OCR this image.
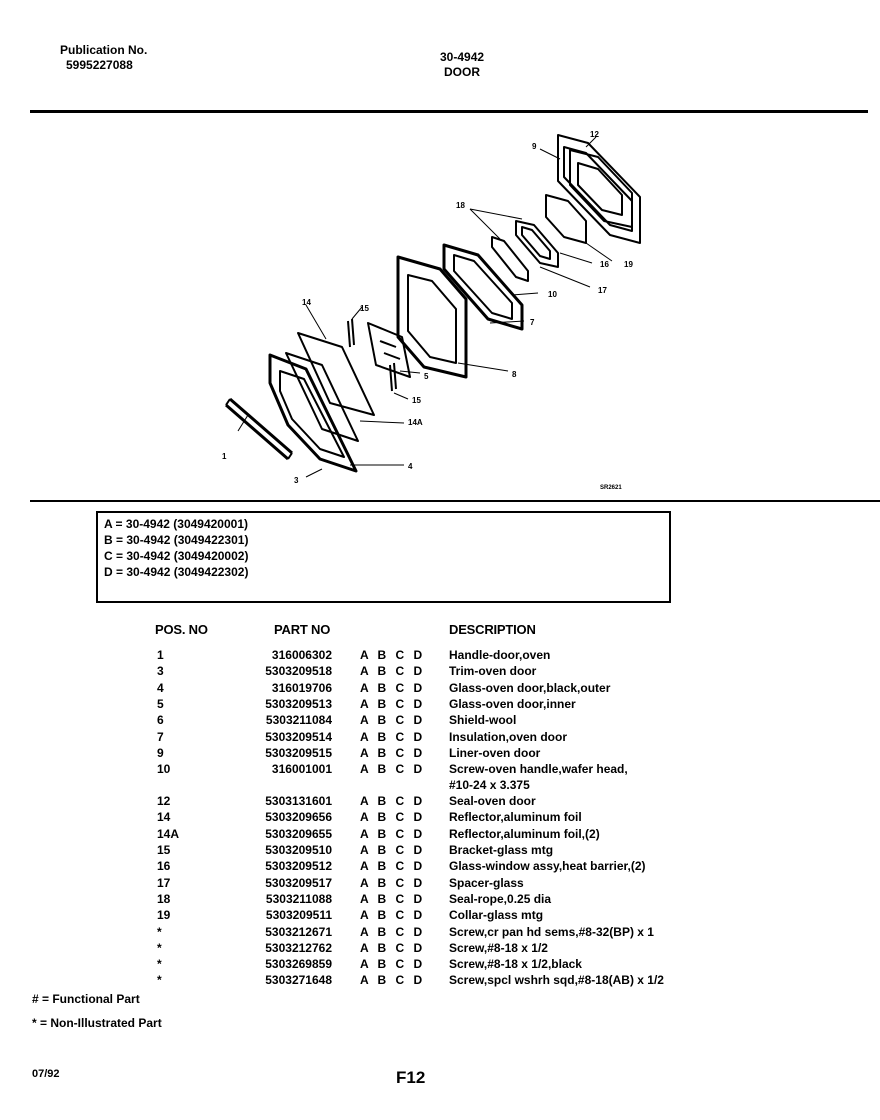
Publication No.
5995227088
30-4942
DOOR
12
9
18
16 19
10	17
7
14
15
5	8
15
14A
1
4
3
SR2621
A = 30-4942 (3049420001)
B = 30-4942 (3049422301)
C = 30-4942 (3049420002)
D = 30-4942 (3049422302)
POS. NO	PART NO	DESCRIPTION
1	316006302 A B C D Handle-door,oven
3	5303209518 A B C D Trim-oven door
4	316019706 A B C D Glass-oven door,black,outer
5	5303209513 A B C D Glass-oven door,inner
6	5303211084 A B C D Shield-wool
7	5303209514 A B C D Insulation,oven door
9	5303209515 A B C D Liner-oven door
10	316001001 A B C D Screw-oven handle,wafer head,
#10-24 x 3.375
12	5303131601 A B C D Seal-oven door
14	5303209656 A B C D Reflector,aluminum foil
14A	5303209655 A B C D Reflector,aluminum foil,(2)
15	5303209510 A B C D Bracket-glass mtg
16	5303209512 A B C D Glass-window assy,heat barrier,(2)
17	5303209517 A B C D Spacer-glass
18	5303211088 A B C D Seal-rope,0.25 dia
19	5303209511 A B C D Collar-glass mtg
*	5303212671 A B C D Screw,cr pan hd sems,#8-32(BP) x 1
*	5303212762 A B C D Screw,#8-18 x 1/2
*	5303269859 A B C D Screw,#8-18 x 1/2,black
*	5303271648 A B C D Screw,spcl wshrh sqd,#8-18(AB) x 1/2
# = Functional Part
* = Non-Illustrated Part
07/92	F12
